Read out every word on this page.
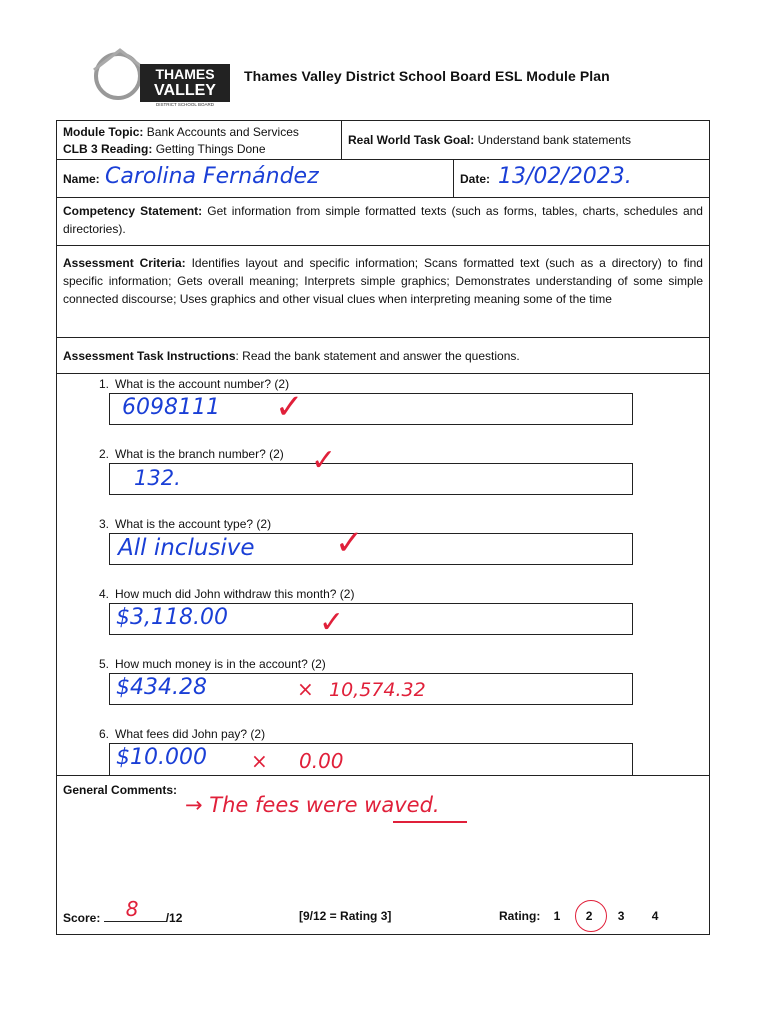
THAMES
VALLEY
DISTRICT SCHOOL BOARD
Thames Valley District School Board ESL Module Plan
Module Topic: Bank Accounts and Services
CLB 3 Reading: Getting Things Done
Real World Task Goal: Understand bank statements
Name: Carolina Fernández	Date: 13/02/2023.
Competency Statement: Get information from simple formatted texts (such as forms, tables, charts, schedules and directories).
Assessment Criteria: Identifies layout and specific information; Scans formatted text (such as a directory) to find specific information; Gets overall meaning; Interprets simple graphics; Demonstrates understanding of some simple connected discourse; Uses graphics and other visual clues when interpreting meaning some of the time
Assessment Task Instructions: Read the bank statement and answer the questions.
1. What is the account number? (2)
6098111 ✓
2. What is the branch number? (2)
132.
✓
3. What is the account type? (2)
All inclusive ✓
4. How much did John withdraw this month? (2)
$3,118.00	✓
5. How much money is in the account? (2)
$434.28	× 10,574.32
6. What fees did John pay? (2)
$10.000 × 0.00
General Comments:
→ The fees were waved.
Score: 8 /12	[9/12 = Rating 3]	Rating: 1 2 3 4
